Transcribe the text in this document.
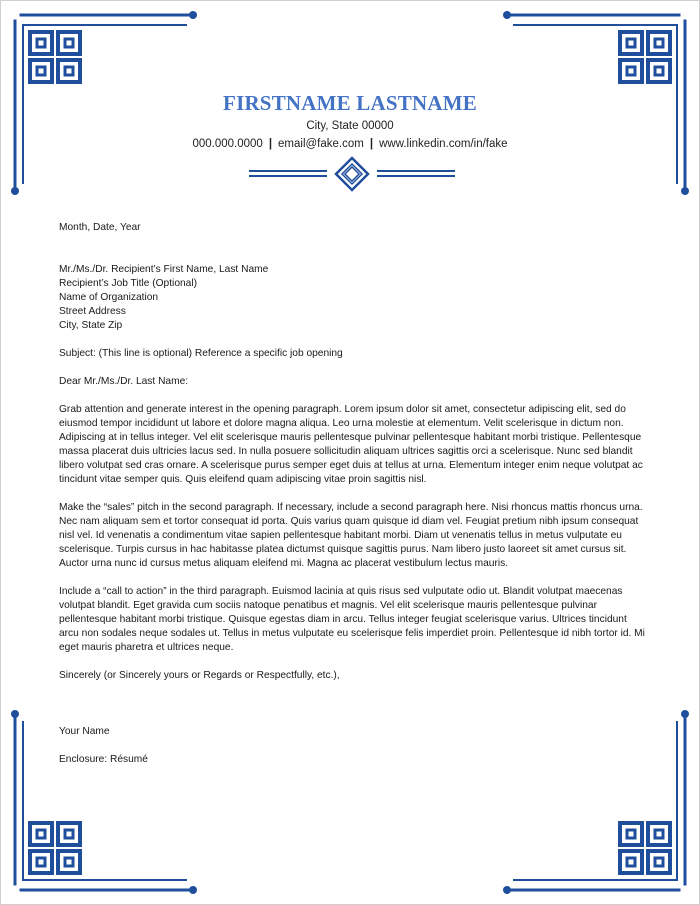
FIRSTNAME LASTNAME
City, State 00000
000.000.0000 | email@fake.com | www.linkedin.com/in/fake

Month, Date, Year

Mr./Ms./Dr. Recipient’s First Name, Last Name

Recipient’s Job Title (Optional)

Name of Organization

Street Address

City, State Zip

Subject: (This line is optional) Reference a specific job opening

Dear Mr./Ms./Dr. Last Name:

Grab attention and generate interest in the opening paragraph. Lorem ipsum dolor sit amet, consectetur adipiscing elit, sed do eiusmod tempor incididunt ut labore et dolore magna aliqua. Leo urna molestie at elementum. Velit scelerisque in dictum non. Adipiscing at in tellus integer. Vel elit scelerisque mauris pellentesque pulvinar pellentesque habitant morbi tristique. Pellentesque massa placerat duis ultricies lacus sed. In nulla posuere sollicitudin aliquam ultrices sagittis orci a scelerisque. Nunc sed blandit libero volutpat sed cras ornare. A scelerisque purus semper eget duis at tellus at urna. Elementum integer enim neque volutpat ac tincidunt vitae semper quis. Quis eleifend quam adipiscing vitae proin sagittis nisl.

Make the “sales” pitch in the second paragraph. If necessary, include a second paragraph here. Nisi rhoncus mattis rhoncus urna. Nec nam aliquam sem et tortor consequat id porta. Quis varius quam quisque id diam vel. Feugiat pretium nibh ipsum consequat nisl vel. Id venenatis a condimentum vitae sapien pellentesque habitant morbi. Diam ut venenatis tellus in metus vulputate eu scelerisque. Turpis cursus in hac habitasse platea dictumst quisque sagittis purus. Nam libero justo laoreet sit amet cursus sit. Auctor urna nunc id cursus metus aliquam eleifend mi. Magna ac placerat vestibulum lectus mauris.

Include a “call to action” in the third paragraph. Euismod lacinia at quis risus sed vulputate odio ut. Blandit volutpat maecenas volutpat blandit. Eget gravida cum sociis natoque penatibus et magnis. Vel elit scelerisque mauris pellentesque pulvinar pellentesque habitant morbi tristique. Quisque egestas diam in arcu. Tellus integer feugiat scelerisque varius. Ultrices tincidunt arcu non sodales neque sodales ut. Tellus in metus vulputate eu scelerisque felis imperdiet proin. Pellentesque id nibh tortor id. Mi eget mauris pharetra et ultrices neque.

Sincerely (or Sincerely yours or Regards or Respectfully, etc.),

Your Name

Enclosure: Résumé
